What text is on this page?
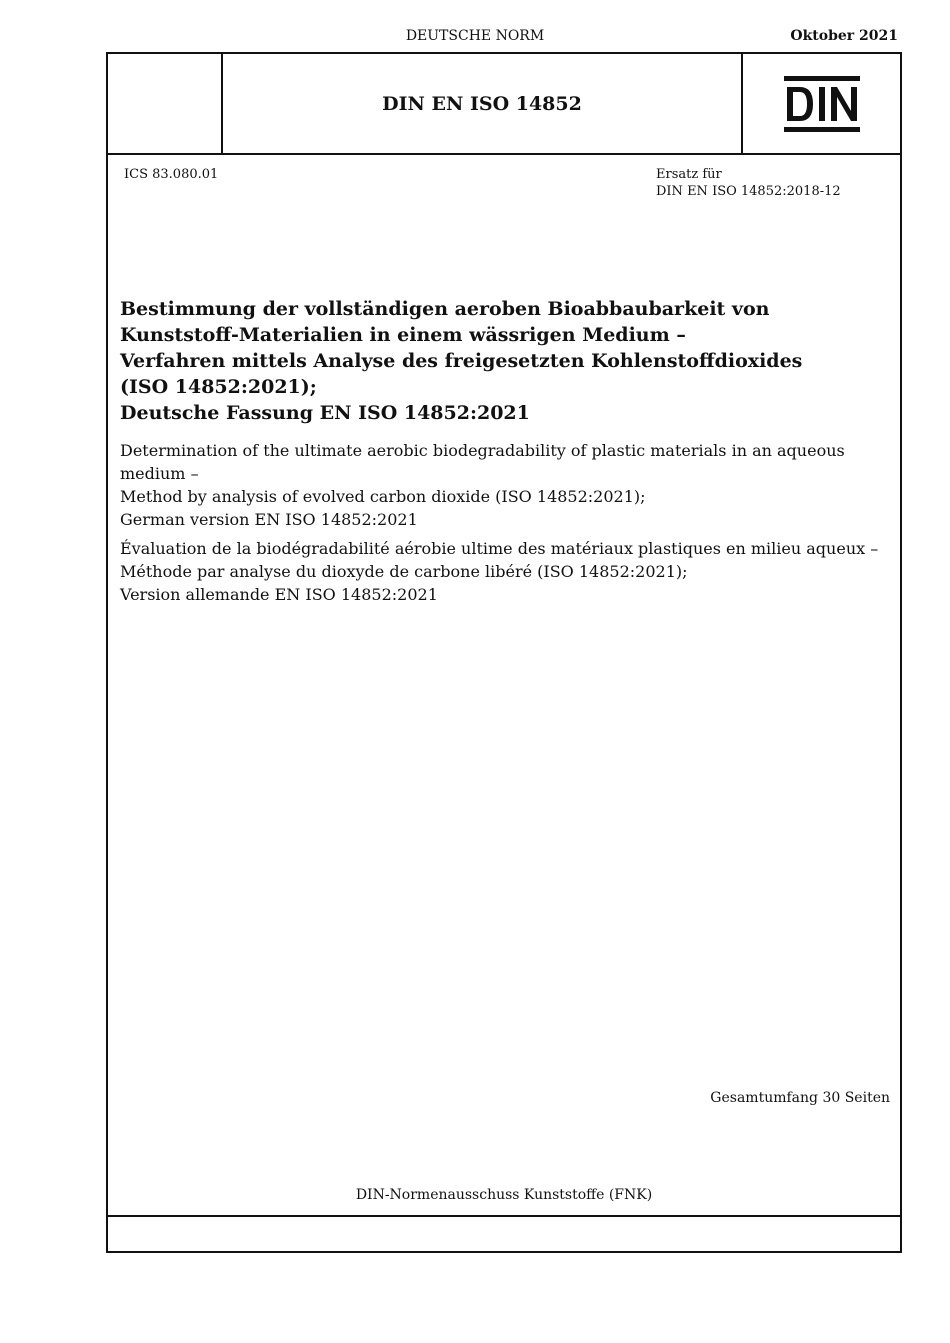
DEUTSCHE NORM	Oktober 2021
DIN EN ISO 14852
ICS 83.080.01	Ersatz für
DIN EN ISO 14852:2018-12
Bestimmung der vollständigen aeroben Bioabbaubarkeit von
Kunststoff-Materialien in einem wässrigen Medium –
Verfahren mittels Analyse des freigesetzten Kohlenstoffdioxides
(ISO 14852:2021);
Deutsche Fassung EN ISO 14852:2021
Determination of the ultimate aerobic biodegradability of plastic materials in an aqueous
medium –
Method by analysis of evolved carbon dioxide (ISO 14852:2021);
German version EN ISO 14852:2021
Évaluation de la biodégradabilité aérobie ultime des matériaux plastiques en milieu aqueux –
Méthode par analyse du dioxyde de carbone libéré (ISO 14852:2021);
Version allemande EN ISO 14852:2021
Gesamtumfang 30 Seiten
DIN-Normenausschuss Kunststoffe (FNK)
